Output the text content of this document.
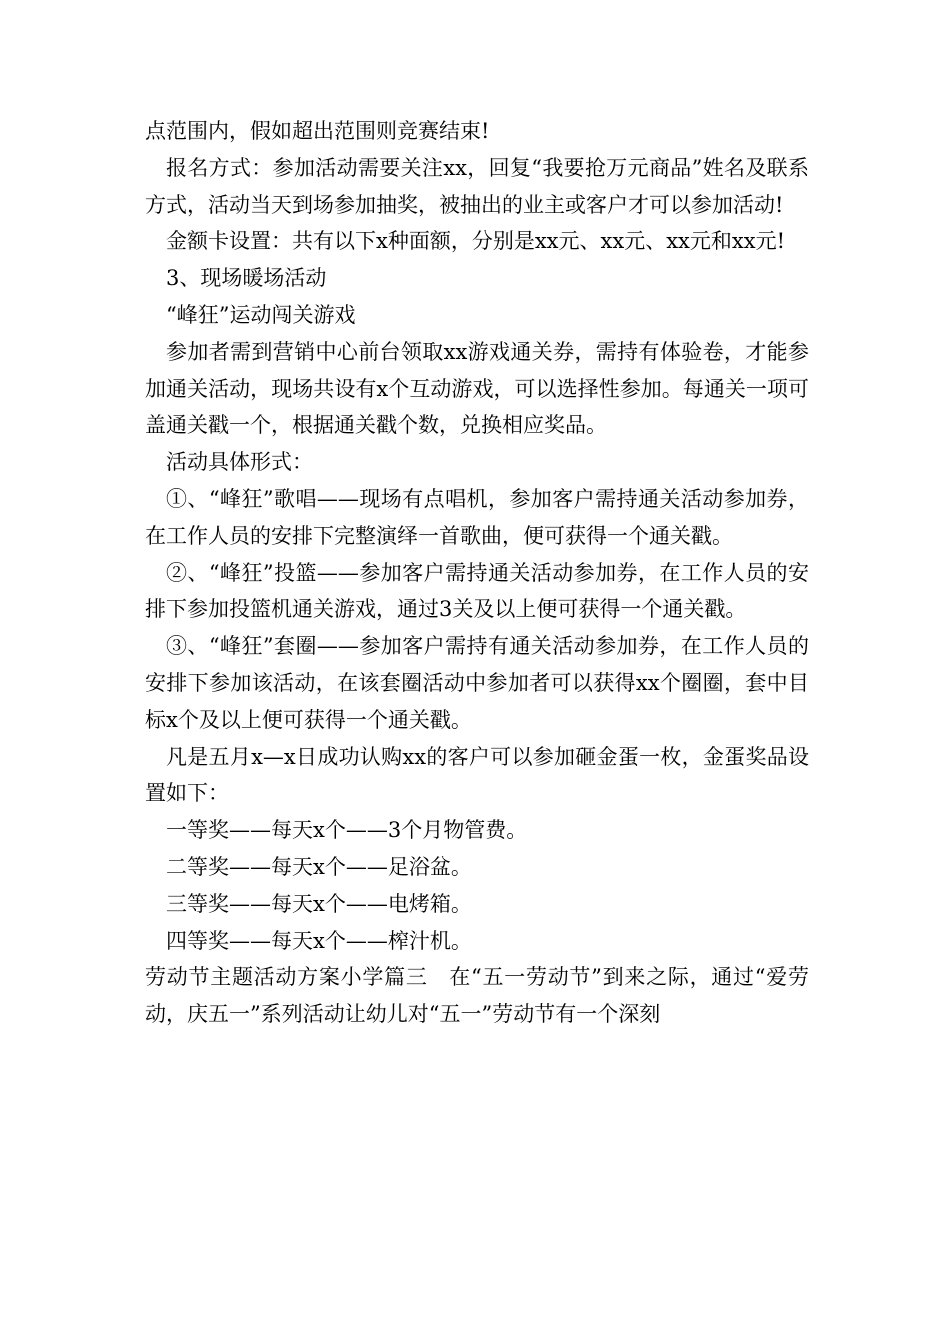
点范围内，假如超出范围则竞赛结束!

报名方式：参加活动需要关注xx，回复“我要抢万元商品”姓名及联系方式，活动当天到场参加抽奖，被抽出的业主或客户才可以参加活动!

金额卡设置：共有以下x种面额，分别是xx元、xx元、xx元和xx元!

3、现场暖场活动

“峰狂”运动闯关游戏

参加者需到营销中心前台领取xx游戏通关券，需持有体验卷，才能参加通关活动，现场共设有x个互动游戏，可以选择性参加。每通关一项可盖通关戳一个，根据通关戳个数，兑换相应奖品。

活动具体形式：

①、“峰狂”歌唱——现场有点唱机，参加客户需持通关活动参加券，在工作人员的安排下完整演绎一首歌曲，便可获得一个通关戳。

②、“峰狂”投篮——参加客户需持通关活动参加券，在工作人员的安排下参加投篮机通关游戏，通过3关及以上便可获得一个通关戳。

③、“峰狂”套圈——参加客户需持有通关活动参加券，在工作人员的安排下参加该活动，在该套圈活动中参加者可以获得xx个圈圈，套中目标x个及以上便可获得一个通关戳。

凡是五月x—x日成功认购xx的客户可以参加砸金蛋一枚，金蛋奖品设置如下：

一等奖——每天x个——3个月物管费。

二等奖——每天x个——足浴盆。

三等奖——每天x个——电烤箱。

四等奖——每天x个——榨汁机。

劳动节主题活动方案小学篇三　在“五一劳动节”到来之际，通过“爱劳动，庆五一”系列活动让幼儿对“五一”劳动节有一个深刻
